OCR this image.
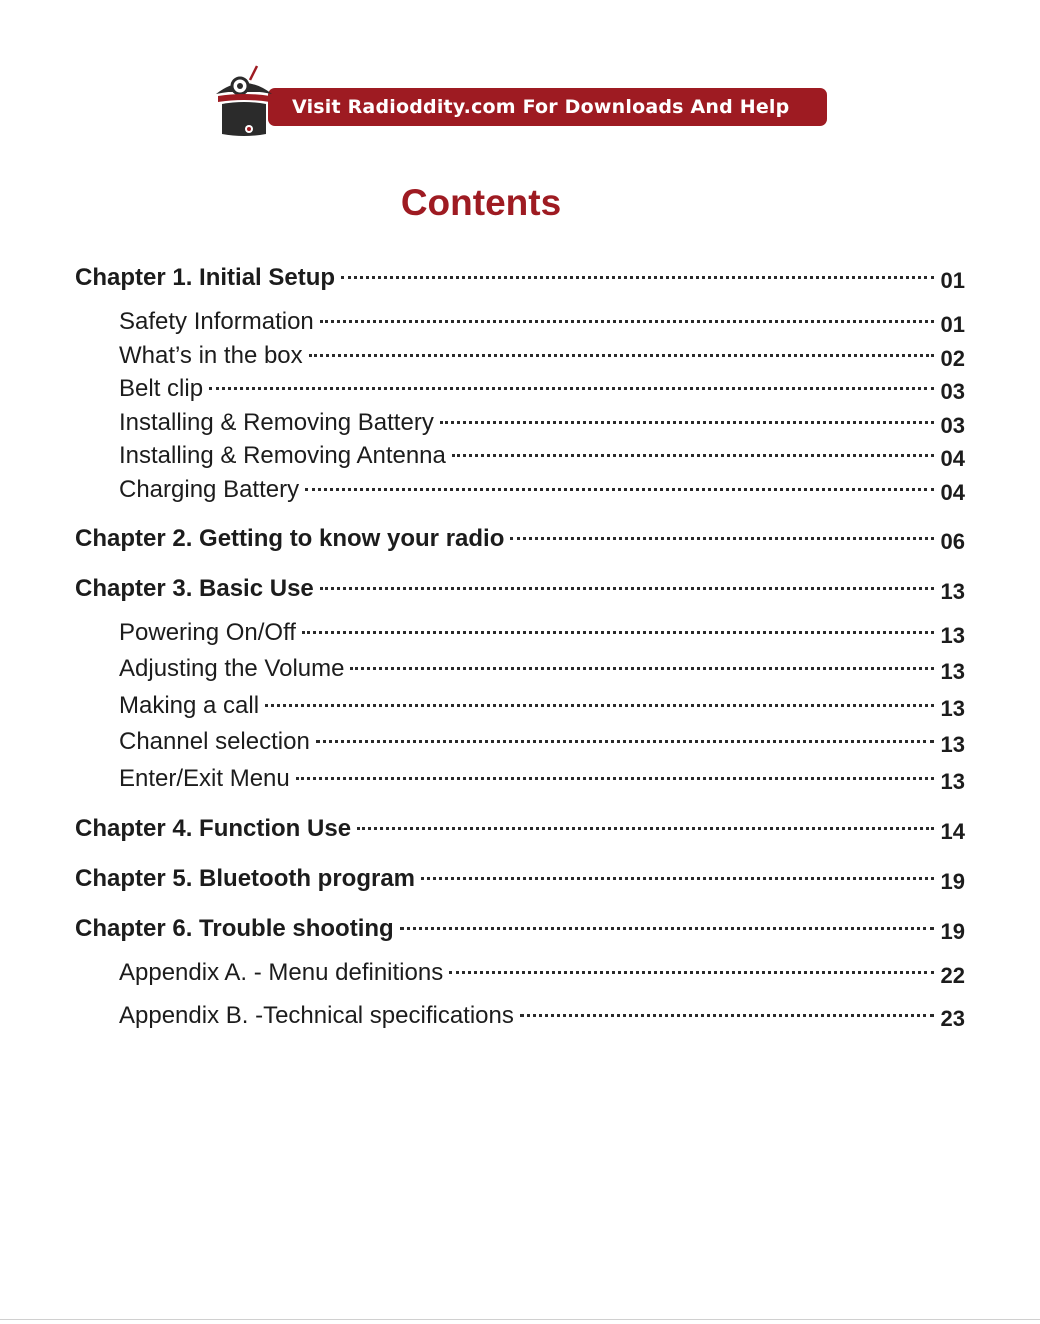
Visit Radioddity.com For Downloads And Help
Contents
Chapter 1. Initial Setup	01
Safety Information	01
What’s in the box	02
Belt clip	03
Installing & Removing Battery	03
Installing & Removing Antenna	04
Charging Battery	04
Chapter 2. Getting to know your radio	06
Chapter 3. Basic Use	13
Powering On/Off	13
Adjusting the Volume	13
Making a call	13
Channel selection	13
Enter/Exit Menu	13
Chapter 4. Function Use	14
Chapter 5. Bluetooth program	19
Chapter 6. Trouble shooting	19
Appendix A. - Menu definitions	22
Appendix B. -Technical specifications	23
